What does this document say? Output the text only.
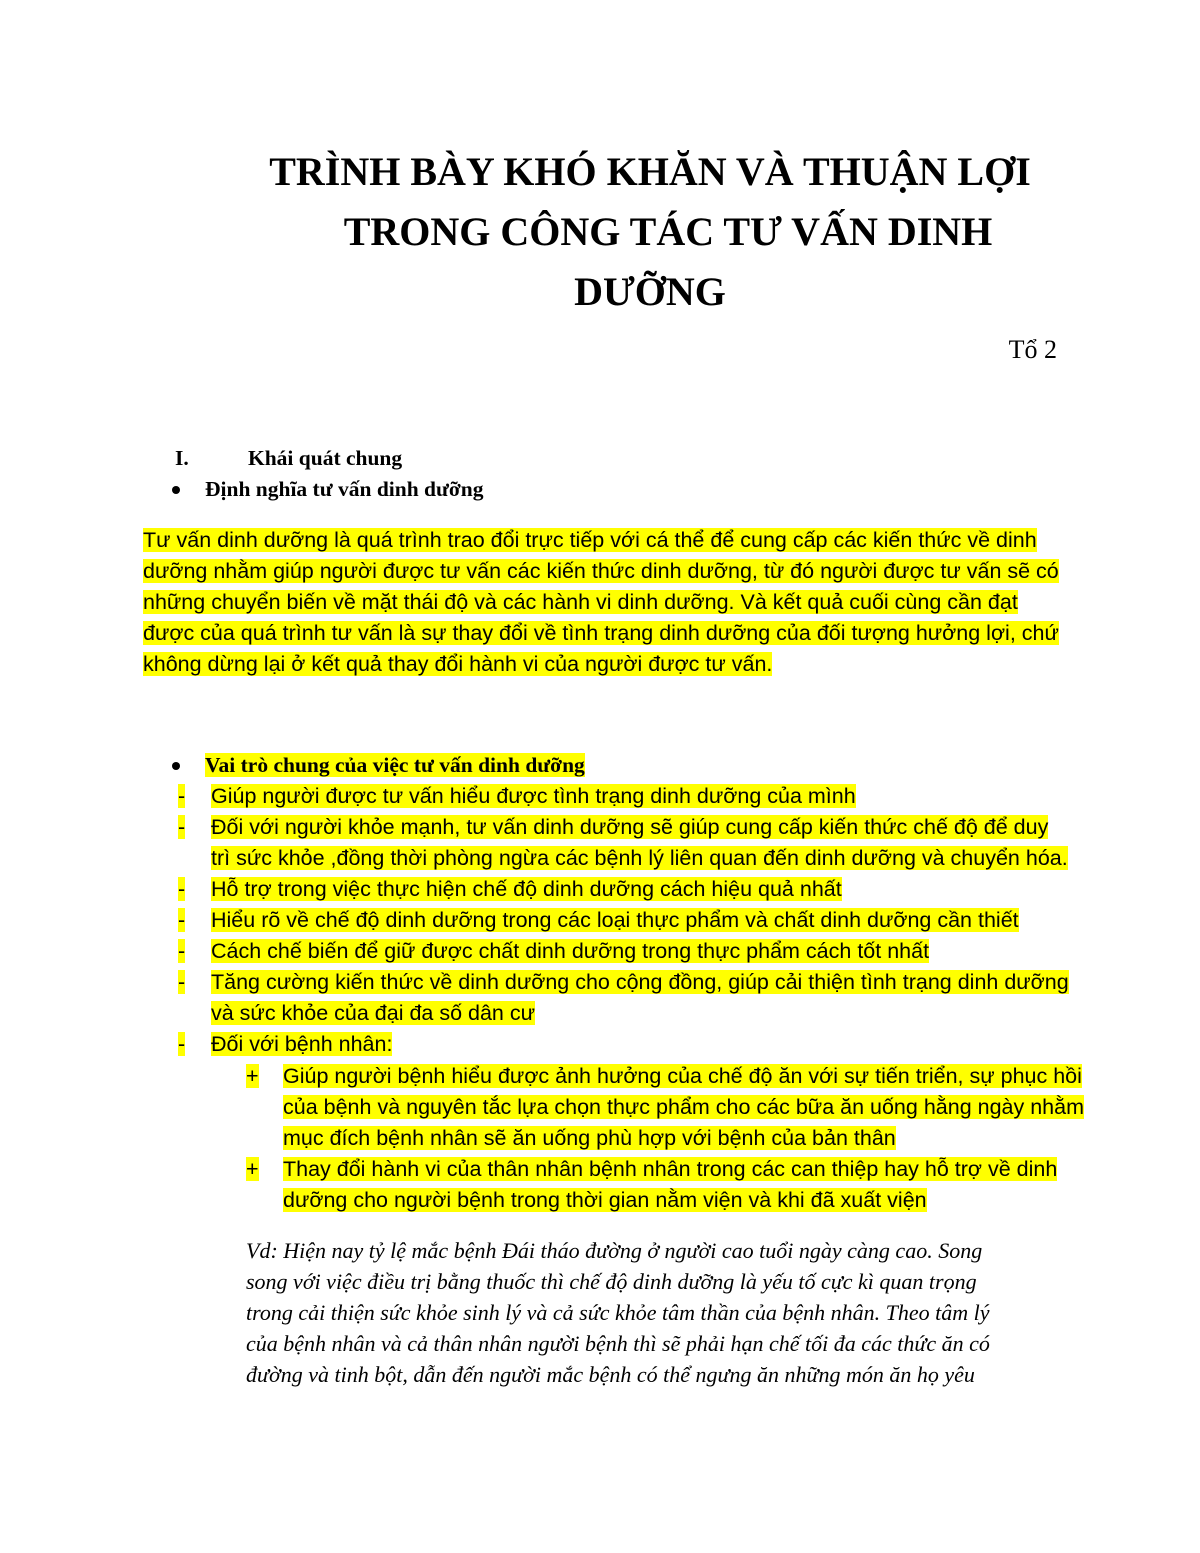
TRÌNH BÀY KHÓ KHĂN VÀ THUẬN LỢI
TRONG CÔNG TÁC TƯ VẤN DINH
DƯỠNG
Tổ 2
I.	Khái quát chung
Định nghĩa tư vấn dinh dưỡng
Tư vấn dinh dưỡng là quá trình trao đổi trực tiếp với cá thể để cung cấp các kiến thức về dinh
dưỡng nhằm giúp người được tư vấn các kiến thức dinh dưỡng, từ đó người được tư vấn sẽ có
những chuyển biến về mặt thái độ và các hành vi dinh dưỡng. Và kết quả cuối cùng cần đạt
được của quá trình tư vấn là sự thay đổi về tình trạng dinh dưỡng của đối tượng hưởng lợi, chứ
không dừng lại ở kết quả thay đổi hành vi của người được tư vấn.
Vai trò chung của việc tư vấn dinh dưỡng
- Giúp người được tư vấn hiểu được tình trạng dinh dưỡng của mình
- Đối với người khỏe mạnh, tư vấn dinh dưỡng sẽ giúp cung cấp kiến thức chế độ để duy
trì sức khỏe ,đồng thời phòng ngừa các bệnh lý liên quan đến dinh dưỡng và chuyển hóa.
- Hỗ trợ trong việc thực hiện chế độ dinh dưỡng cách hiệu quả nhất
- Hiểu rõ về chế độ dinh dưỡng trong các loại thực phẩm và chất dinh dưỡng cần thiết
- Cách chế biến để giữ được chất dinh dưỡng trong thực phẩm cách tốt nhất
- Tăng cường kiến thức về dinh dưỡng cho cộng đồng, giúp cải thiện tình trạng dinh dưỡng
và sức khỏe của đại đa số dân cư
- Đối với bệnh nhân:
+ Giúp người bệnh hiểu được ảnh hưởng của chế độ ăn với sự tiến triển, sự phục hồi
của bệnh và nguyên tắc lựa chọn thực phẩm cho các bữa ăn uống hằng ngày nhằm
mục đích bệnh nhân sẽ ăn uống phù hợp với bệnh của bản thân
+ Thay đổi hành vi của thân nhân bệnh nhân trong các can thiệp hay hỗ trợ về dinh
dưỡng cho người bệnh trong thời gian nằm viện và khi đã xuất viện
Vd: Hiện nay tỷ lệ mắc bệnh Đái tháo đường ở người cao tuổi ngày càng cao. Song
song với việc điều trị bằng thuốc thì chế độ dinh dưỡng là yếu tố cực kì quan trọng
trong cải thiện sức khỏe sinh lý và cả sức khỏe tâm thần của bệnh nhân. Theo tâm lý
của bệnh nhân và cả thân nhân người bệnh thì sẽ phải hạn chế tối đa các thức ăn có
đường và tinh bột, dẫn đến người mắc bệnh có thể ngưng ăn những món ăn họ yêu
